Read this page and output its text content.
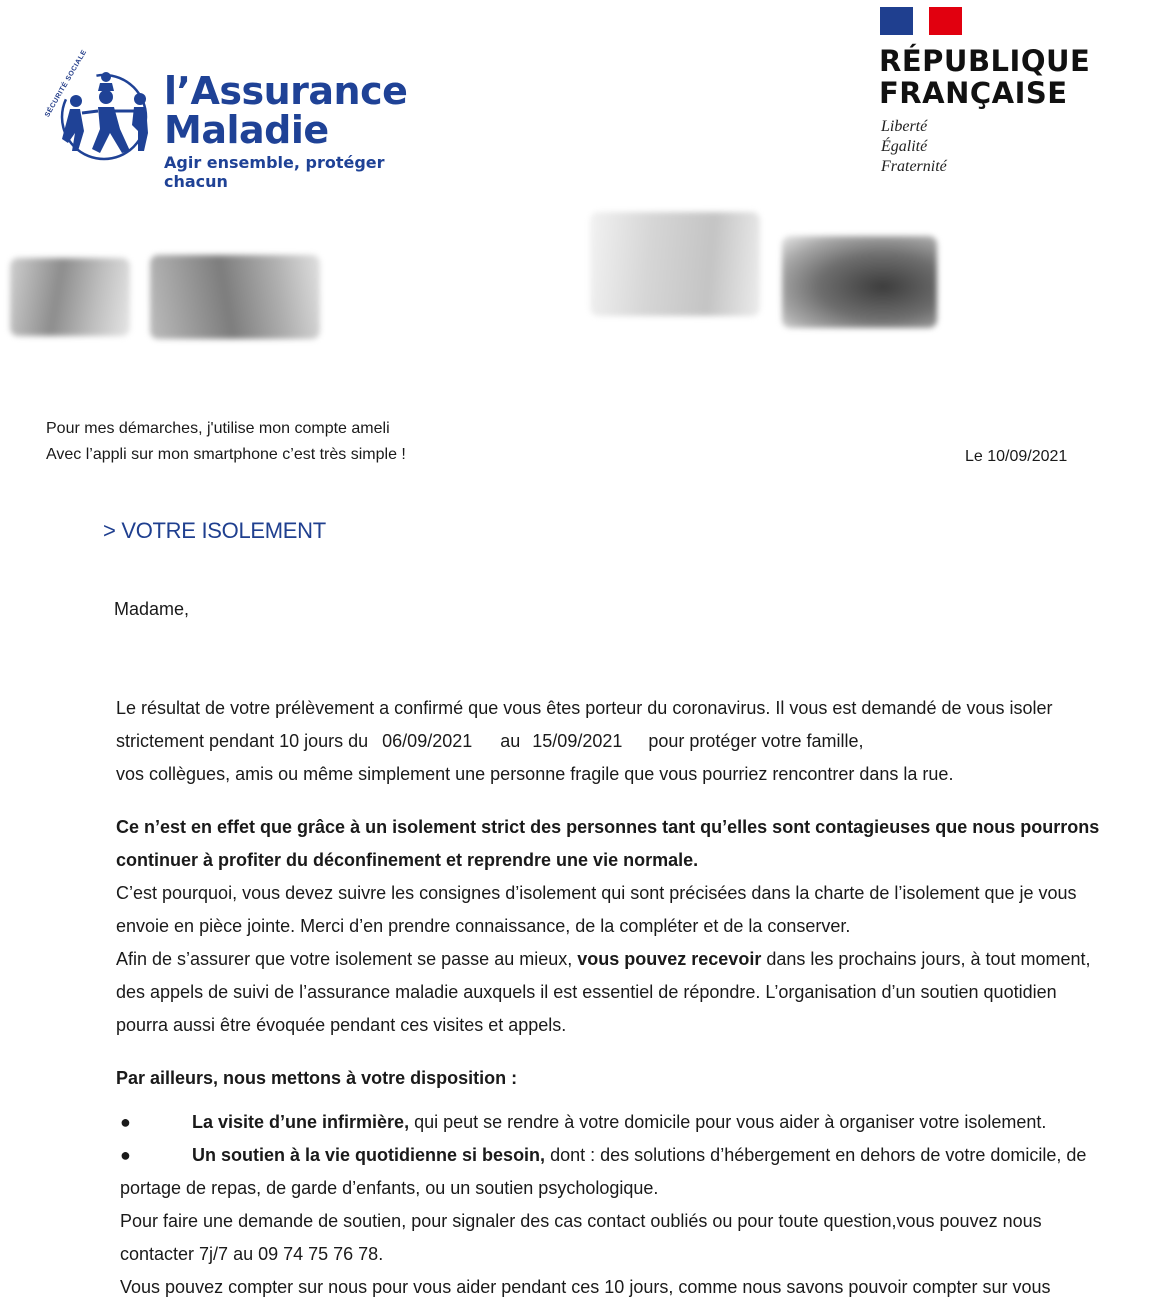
SÉCURITÉ SOCIALE	l’Assurance
Maladie
Agir ensemble, protéger chacun
RÉPUBLIQUE
FRANÇAISE
Liberté
Égalité
Fraternité
Pour mes démarches, j'utilise mon compte ameli
Avec l’appli sur mon smartphone c’est très simple !	Le 10/09/2021
> VOTRE ISOLEMENT
Madame,
Le résultat de votre prélèvement a confirmé que vous êtes porteur du coronavirus. Il vous est demandé de vous isoler
strictement pendant 10 jours du 06/09/2021 au 15/09/2021 pour protéger votre famille,
vos collègues, amis ou même simplement une personne fragile que vous pourriez rencontrer dans la rue.
Ce n’est en effet que grâce à un isolement strict des personnes tant qu’elles sont contagieuses que nous pourrons
continuer à profiter du déconfinement et reprendre une vie normale.
C’est pourquoi, vous devez suivre les consignes d’isolement qui sont précisées dans la charte de l’isolement que je vous
envoie en pièce jointe. Merci d’en prendre connaissance, de la compléter et de la conserver.
Afin de s’assurer que votre isolement se passe au mieux, vous pouvez recevoir dans les prochains jours, à tout moment,
des appels de suivi de l’assurance maladie auxquels il est essentiel de répondre. L’organisation d’un soutien quotidien
pourra aussi être évoquée pendant ces visites et appels.
Par ailleurs, nous mettons à votre disposition :
●	La visite d’une infirmière, qui peut se rendre à votre domicile pour vous aider à organiser votre isolement.
●	Un soutien à la vie quotidienne si besoin, dont : des solutions d’hébergement en dehors de votre domicile, de
portage de repas, de garde d’enfants, ou un soutien psychologique.
Pour faire une demande de soutien, pour signaler des cas contact oubliés ou pour toute question,vous pouvez nous
contacter 7j/7 au 09 74 75 76 78.
Vous pouvez compter sur nous pour vous aider pendant ces 10 jours, comme nous savons pouvoir compter sur vous
